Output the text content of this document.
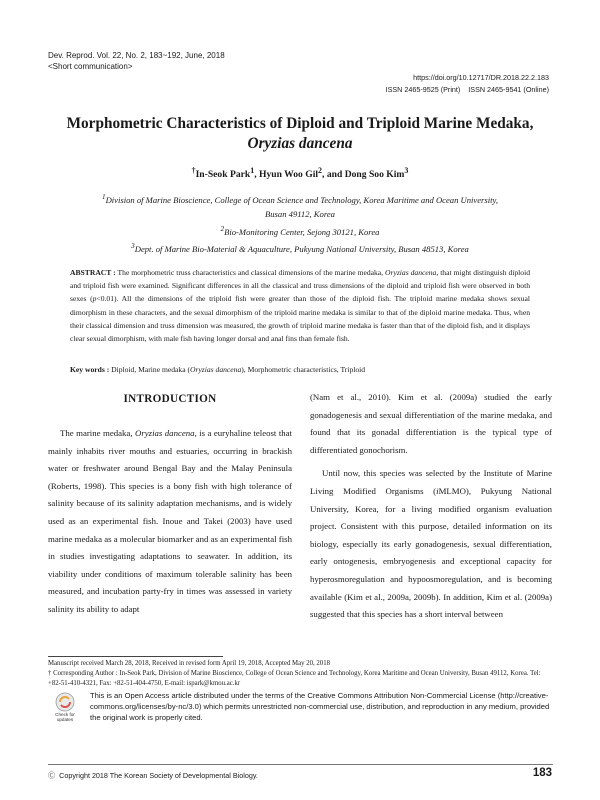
Dev. Reprod. Vol. 22, No. 2, 183~192, June, 2018
<Short communication>
https://doi.org/10.12717/DR.2018.22.2.183
ISSN 2465-9525 (Print)    ISSN 2465-9541 (Online)
Morphometric Characteristics of Diploid and Triploid Marine Medaka,
Oryzias dancena
†In-Seok Park$^1$, Hyun Woo Gil$^2$, and Dong Soo Kim$^3$
$^1$Division of Marine Bioscience, College of Ocean Science and Technology, Korea Maritime and Ocean University,
Busan 49112, Korea
$^2$Bio-Monitoring Center, Sejong 30121, Korea
$^3$Dept. of Marine Bio-Material & Aquaculture, Pukyung National University, Busan 48513, Korea
ABSTRACT : The morphometric truss characteristics and classical dimensions of the marine medaka, Oryzias dancena, that might distinguish diploid and triploid fish were examined. Significant differences in all the classical and truss dimensions of the diploid and triploid fish were observed in both sexes (p<0.01). All the dimensions of the triploid fish were greater than those of the diploid fish. The triploid marine medaka shows sexual dimorphism in these characters, and the sexual dimorphism of the triploid marine medaka is similar to that of the diploid marine medaka. Thus, when their classical dimension and truss dimension was measured, the growth of triploid marine medaka is faster than that of the diploid fish, and it displays clear sexual dimorphism, with male fish having longer dorsal and anal fins than female fish.
Key words : Diploid, Marine medaka (Oryzias dancena), Morphometric characteristics, Triploid
INTRODUCTION

The marine medaka, Oryzias dancena, is a euryhaline teleost that mainly inhabits river mouths and estuaries, occurring in brackish water or freshwater around Bengal Bay and the Malay Peninsula (Roberts, 1998). This species is a bony fish with high tolerance of salinity because of its salinity adaptation mechanisms, and is widely used as an experimental fish. Inoue and Takei (2003) have used marine medaka as a molecular biomarker and as an experimental fish in studies investigating adaptations to seawater. In addition, its viability under conditions of maximum tolerable salinity has been measured, and incubation party-fry in times was assessed in variety salinity its ability to adapt

(Nam et al., 2010). Kim et al. (2009a) studied the early gonadogenesis and sexual differentiation of the marine medaka, and found that its gonadal differentiation is the typical type of differentiated gonochorism.

Until now, this species was selected by the Institute of Marine Living Modified Organisms (iMLMO), Pukyung National University, Korea, for a living modified organism evaluation project. Consistent with this purpose, detailed information on its biology, especially its early gonadogenesis, sexual differentiation, early ontogenesis, embryogenesis and exceptional capacity for hyperosmoregulation and hypoosmoregulation, and is becoming available (Kim et al., 2009a, 2009b). In addition, Kim et al. (2009a) suggested that this species has a short interval between

Manuscript received March 28, 2018, Received in revised form April 19, 2018, Accepted May 20, 2018
† Corresponding Author : In-Seok Park, Division of Marine Bioscience, College of Ocean Science and Technology, Korea Maritime and Ocean University, Busan 49112, Korea. Tel: +82-51-410-4321, Fax: +82-51-404-4750, E-mail: ispark@kmou.ac.kr
Check for
updates
This is an Open Access article distributed under the terms of the Creative Commons Attribution Non-Commercial License (http://creative-commons.org/licenses/by-nc/3.0) which permits unrestricted non-commercial use, distribution, and reproduction in any medium, provided the original work is properly cited.
Ⓒ  Copyright 2018 The Korean Society of Developmental Biology.	183
